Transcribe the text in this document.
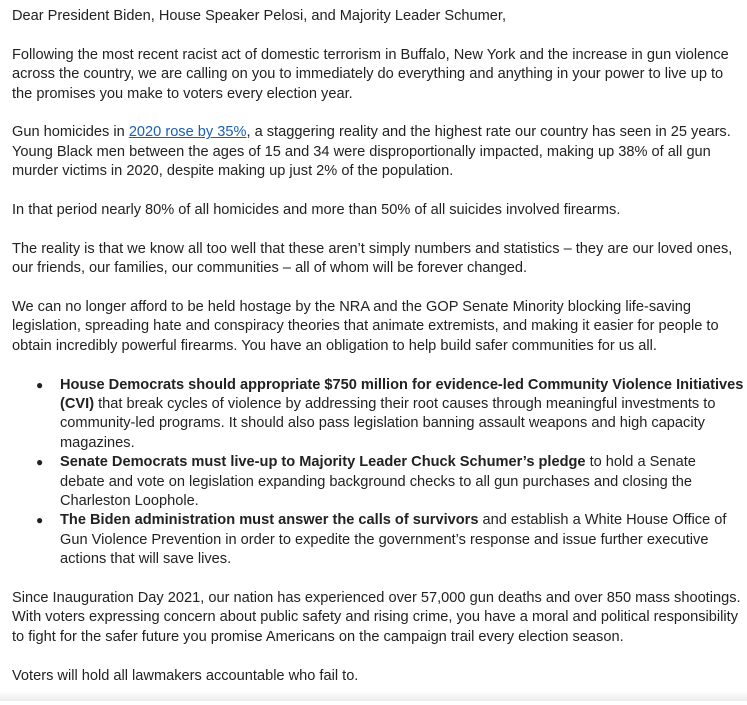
Dear President Biden, House Speaker Pelosi, and Majority Leader Schumer,

Following the most recent racist act of domestic terrorism in Buffalo, New York and the increase in gun violence across the country, we are calling on you to immediately do everything and anything in your power to live up to the promises you make to voters every election year.

Gun homicides in 2020 rose by 35%, a staggering reality and the highest rate our country has seen in 25 years. Young Black men between the ages of 15 and 34 were disproportionally impacted, making up 38% of all gun murder victims in 2020, despite making up just 2% of the population.

In that period nearly 80% of all homicides and more than 50% of all suicides involved firearms.

The reality is that we know all too well that these aren’t simply numbers and statistics – they are our loved ones, our friends, our families, our communities – all of whom will be forever changed.

We can no longer afford to be held hostage by the NRA and the GOP Senate Minority blocking life-saving legislation, spreading hate and conspiracy theories that animate extremists, and making it easier for people to obtain incredibly powerful firearms. You have an obligation to help build safer communities for us all.

● House Democrats should appropriate $750 million for evidence-led Community Violence Initiatives (CVI) that break cycles of violence by addressing their root causes through meaningful investments to community-led programs. It should also pass legislation banning assault weapons and high capacity magazines.
● Senate Democrats must live-up to Majority Leader Chuck Schumer’s pledge to hold a Senate debate and vote on legislation expanding background checks to all gun purchases and closing the Charleston Loophole.
● The Biden administration must answer the calls of survivors and establish a White House Office of Gun Violence Prevention in order to expedite the government’s response and issue further executive actions that will save lives.

Since Inauguration Day 2021, our nation has experienced over 57,000 gun deaths and over 850 mass shootings. With voters expressing concern about public safety and rising crime, you have a moral and political responsibility to fight for the safer future you promise Americans on the campaign trail every election season.

Voters will hold all lawmakers accountable who fail to.
